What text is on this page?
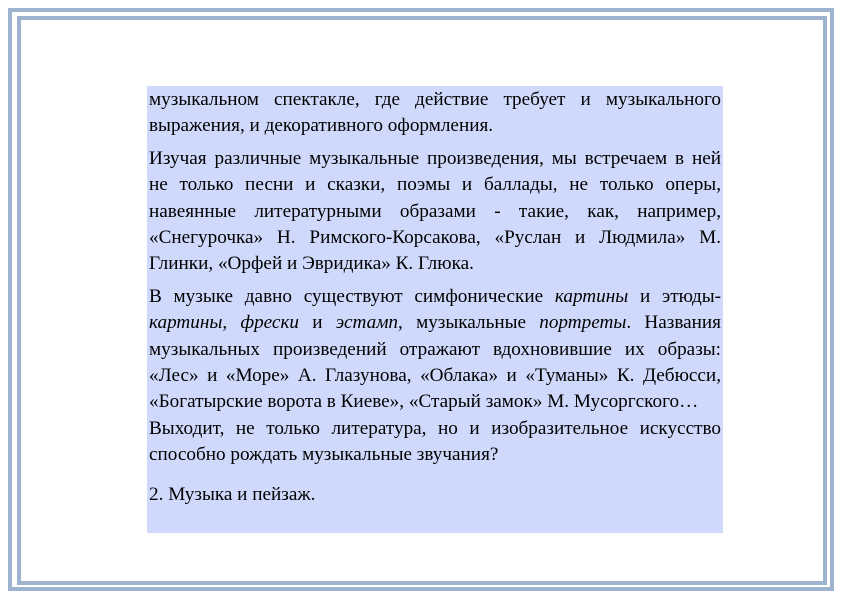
музыкальном спектакле, где действие требует и музыкального выражения, и декоративного оформления.

Изучая различные музыкальные произведения, мы встречаем в ней не только песни и сказки, поэмы и баллады, не только оперы, навеянные литературными образами - такие, как, например, «Снегурочка» Н. Римского-Корсакова, «Руслан и Людмила» М. Глинки, «Орфей и Эвридика» К. Глюка.

В музыке давно существуют симфонические картины и этюды-картины, фрески и эстамп, музыкальные портреты. Названия музыкальных произведений отражают вдохновившие их образы: «Лес» и «Море» А. Глазунова, «Облака» и «Туманы» К. Дебюсси, «Богатырские ворота в Киеве», «Старый замок» М. Мусоргского…

Выходит, не только литература, но и изобразительное искусство способно рождать музыкальные звучания?

2. Музыка и пейзаж.
